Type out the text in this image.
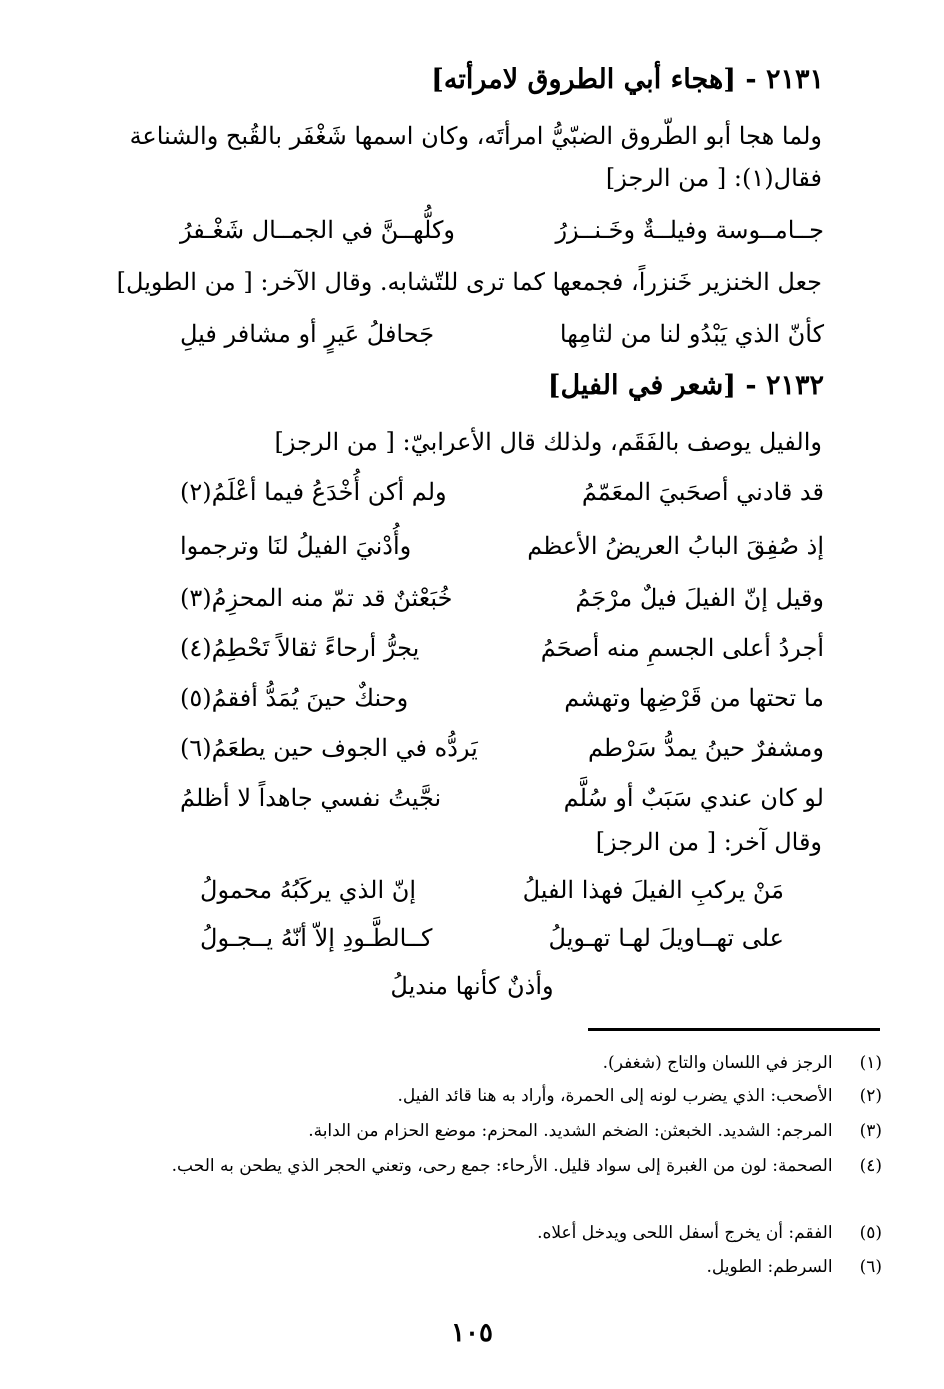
٢١٣١ - [هجاء أبي الطروق لامرأته]
ولما هجا أبو الطّروق الضبّيُّ امرأتَه، وكان اسمها شَغْفَر بالقُبح والشناعة
فقال(١): [ من الرجز]
جــامــوسة وفيلــةٌ وخَـنــزرُ
وكلُّهــنَّ في الجمــال شَغْـفرُ
جعل الخنزير خَنزراً، فجمعها كما ترى للتّشابه. وقال الآخر: [ من الطويل]
كأنّ الذي يَبْدُو لنا من لثامِها
جَحافلُ عَيرٍ أو مشافر فيلِ
٢١٣٢ - [شعر في الفيل]
والفيل يوصف بالفَقَم، ولذلك قال الأعرابيّ: [ من الرجز]
قد قادني أصحَبيَ المعَمّمُ
ولم أكن أُخْدَعُ فيما أعْلَمُ(٢)
إذ صُفِقَ البابُ العريضُ الأعظم
وأُدْنيَ الفيلُ لنَا وترجموا
وقيل إنّ الفيلَ فيلٌ مرْجَمُ
خُبَعْثنٌ قد تمّ منه المحزِمُ(٣)
أجردُ أعلى الجسمِ منه أصحَمُ
يجرُّ أرحاءً ثقالاً تَحْطِمُ(٤)
ما تحتها من قَرْضِها وتهشم
وحنكٌ حينَ يُمَدُّ أفقمُ(٥)
ومشفرٌ حينُ يمدُّ سَرْطم
يَردُّه في الجوف حين يطعَمُ(٦)
لو كان عندي سَبَبٌ أو سُلَّم
نجَّيتُ نفسي جاهداً لا أظلمُ
وقال آخر: [ من الرجز]
مَنْ يركبِ الفيلَ فهذا الفيلُ
إنّ الذي يركَبُهُ محمولُ
على تهــاويلَ لهـا تهـويلُ
كــالطَّـودِ إلاّ أنّهُ يــجـولُ
وأذنٌ كأنها منديلُ
(١) الرجز في اللسان والتاج (شغفر).
(٢) الأصحب: الذي يضرب لونه إلى الحمرة، وأراد به هنا قائد الفيل.
(٣) المرجم: الشديد. الخبعثن: الضخم الشديد. المحزم: موضع الحزام من الدابة.
(٤) الصحمة: لون من الغبرة إلى سواد قليل. الأرحاء: جمع رحى، وتعني الحجر الذي يطحن به الحب.
(٥) الفقم: أن يخرج أسفل اللحى ويدخل أعلاه.
(٦) السرطم: الطويل.
١٠٥
